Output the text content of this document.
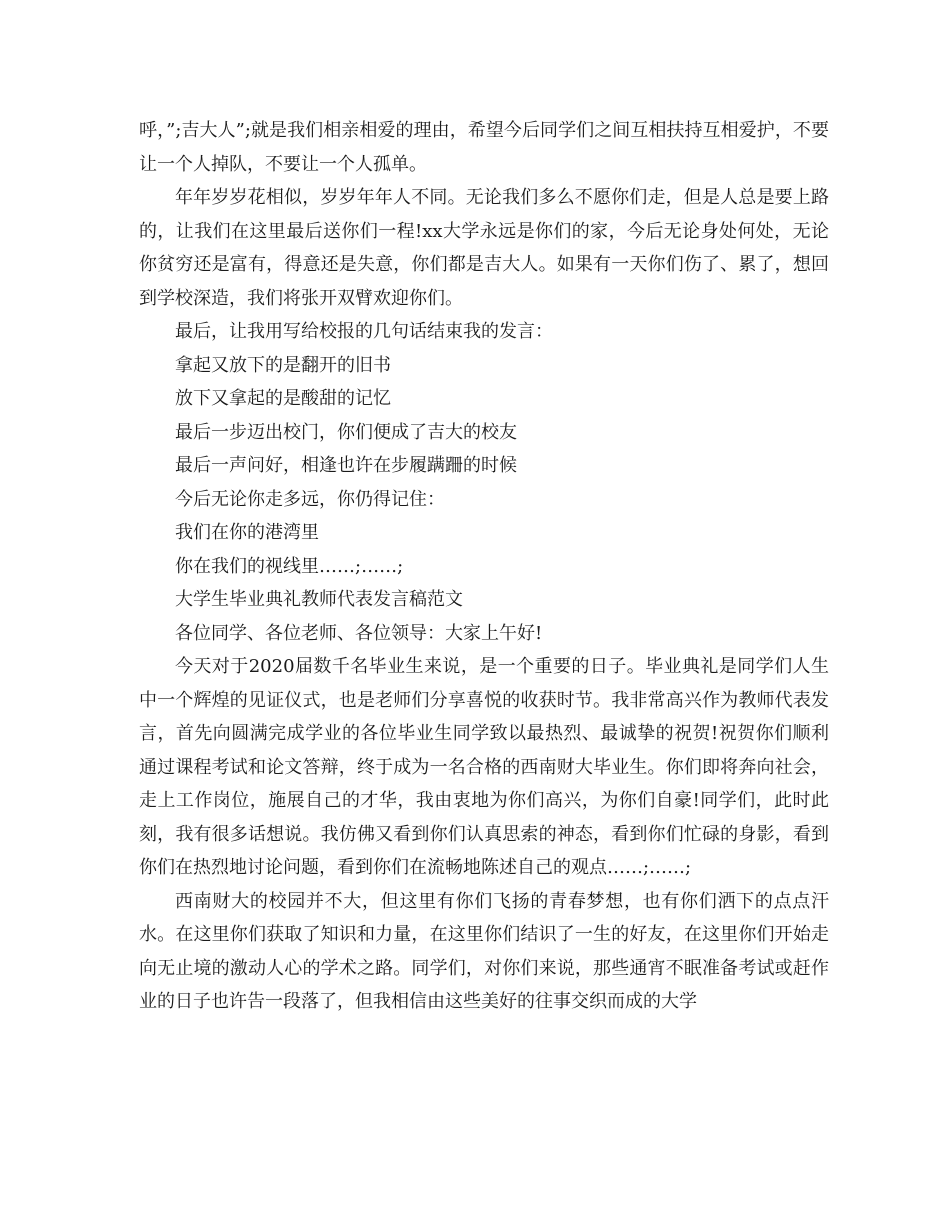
呼，”;吉大人”;就是我们相亲相爱的理由，希望今后同学们之间互相扶持互相爱护，不要让一个人掉队，不要让一个人孤单。

年年岁岁花相似，岁岁年年人不同。无论我们多么不愿你们走，但是人总是要上路的，让我们在这里最后送你们一程!xx大学永远是你们的家，今后无论身处何处，无论你贫穷还是富有，得意还是失意，你们都是吉大人。如果有一天你们伤了、累了，想回到学校深造，我们将张开双臂欢迎你们。

最后，让我用写给校报的几句话结束我的发言：

拿起又放下的是翻开的旧书

放下又拿起的是酸甜的记忆

最后一步迈出校门，你们便成了吉大的校友

最后一声问好，相逢也许在步履蹒跚的时候

今后无论你走多远，你仍得记住：

我们在你的港湾里

你在我们的视线里……;……;

大学生毕业典礼教师代表发言稿范文

各位同学、各位老师、各位领导：大家上午好!

今天对于2020届数千名毕业生来说，是一个重要的日子。毕业典礼是同学们人生中一个辉煌的见证仪式，也是老师们分享喜悦的收获时节。我非常高兴作为教师代表发言，首先向圆满完成学业的各位毕业生同学致以最热烈、最诚挚的祝贺!祝贺你们顺利通过课程考试和论文答辩，终于成为一名合格的西南财大毕业生。你们即将奔向社会，走上工作岗位，施展自己的才华，我由衷地为你们高兴，为你们自豪!同学们，此时此刻，我有很多话想说。我仿佛又看到你们认真思索的神态，看到你们忙碌的身影，看到你们在热烈地讨论问题，看到你们在流畅地陈述自己的观点……;……;

西南财大的校园并不大，但这里有你们飞扬的青春梦想，也有你们洒下的点点汗水。在这里你们获取了知识和力量，在这里你们结识了一生的好友，在这里你们开始走向无止境的激动人心的学术之路。同学们，对你们来说，那些通宵不眠准备考试或赶作业的日子也许告一段落了，但我相信由这些美好的往事交织而成的大学
